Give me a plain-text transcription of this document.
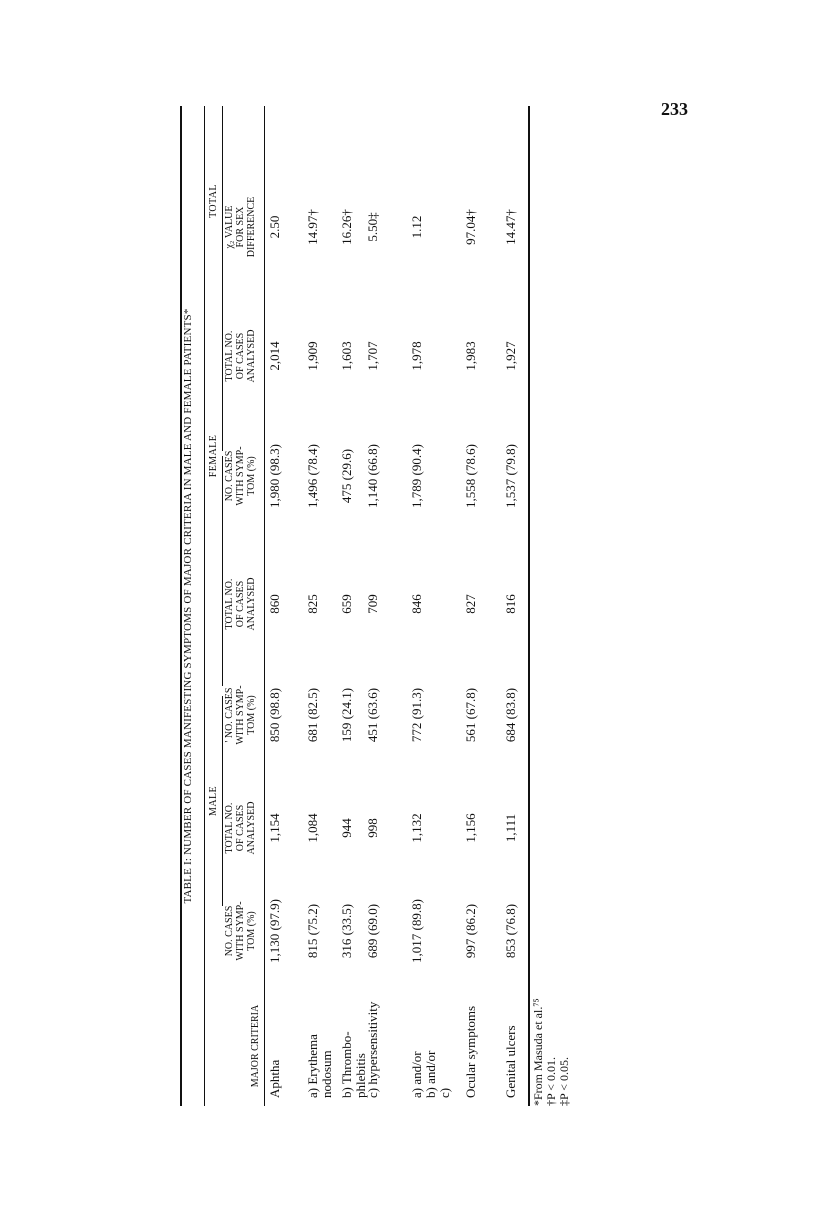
233
TABLE I: NUMBER OF CASES MANIFESTING SYMPTOMS OF MAJOR CRITERIA IN MALE AND FEMALE PATIENTS* MALE
FEMALE
TOTAL
Aphtha
1,130 (97.9)
1,154
850 (98.8)
860
1,980 (98.3)
2,014
2.50
a) Erythema nodosum
815 (75.2)
1,084
681 (82.5)
825
1,496 (78.4)
1,909
14.97†
b) Thrombo- phlebitis
316 (33.5)
944
159 (24.1)
659
475 (29.6)
1,603
16.26†
c) hypersensitivity
689 (69.0)
998
451 (63.6)
709
1,140 (66.8)
1,707
5.50‡
a) and/or b) and/or c)
1,017 (89.8)
1,132
772 (91.3)
846
1,789 (90.4)
1,978
1.12
Ocular symptoms
997 (86.2)
1,156
561 (67.8)
827
1,558 (78.6)
1,983
97.04†
Genital ulcers
853 (76.8)
1,111
684 (83.8)
816
1,537 (79.8)
1,927
14.47†
*From Masuda et al.⁷⁵ †P < 0.01. ‡P < 0.05.
MAJOR CRITERIA
NO. CASES WITH SYMP- TOM (%)
TOTAL NO. OF CASES ANALYSED
' NO. CASES WITH SYMP- TOM (%)
TOTAL NO. OF CASES ANALYSED
NO. CASES WITH SYMP- TOM (%)
TOTAL NO. OF CASES ANALYSED
χ₂ VALUE FOR SEX DIFFERENCE
